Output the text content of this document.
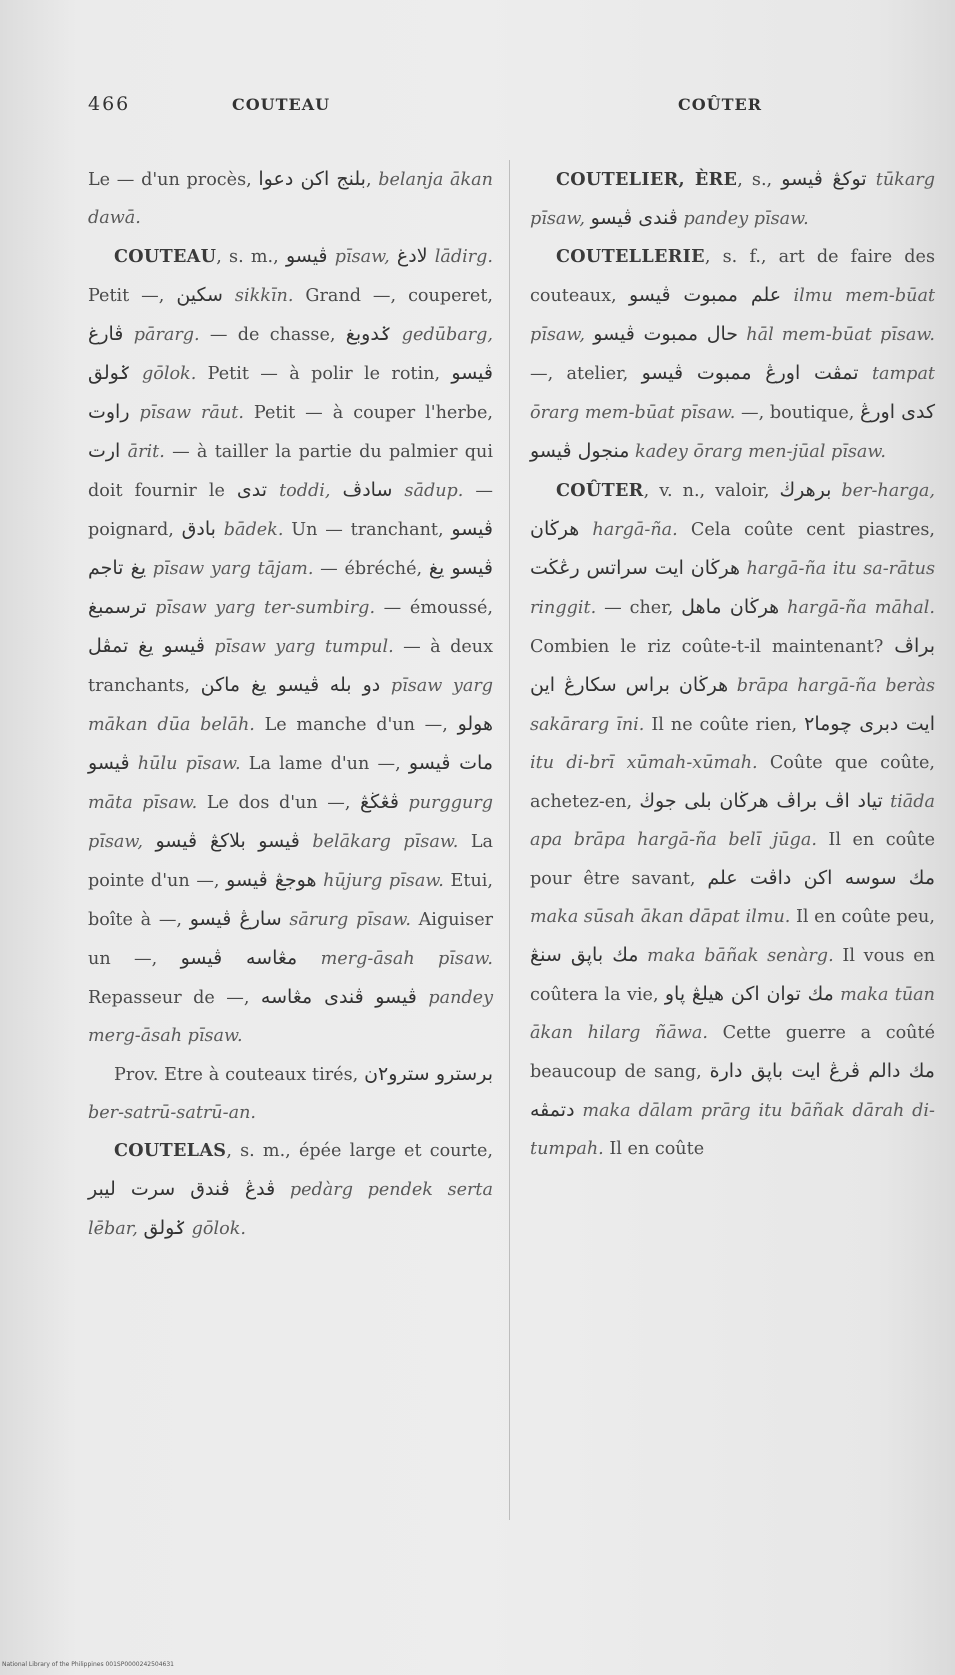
466	COUTEAU	COÛTER

Le — d'un procès, بلنج اكن دعوا, belanja ākan dawā.

COUTEAU, s. m., ڤيسو pīsaw, لادغ lādirg. Petit —, سكين sikkīn. Grand —, couperet, ڤارغ pārarg. — de chasse, ݢدوبغ gedūbarg, ݢولق gōlok. Petit — à polir le rotin, ڤيسو راوت pīsaw rāut. Petit — à couper l'herbe, ارت ārit. — à tailler la partie du palmier qui doit fournir le تدى toddi, سادڤ sādup. — poignard, بادق bādek. Un — tranchant, ڤيسو يغ تاجم pīsaw yarg tājam. — ébréché, ڤيسو يغ ترسمبغ pīsaw yarg ter-sumbirg. — émoussé, ڤيسو يغ تمڤل pīsaw yarg tumpul. — à deux tranchants, ڤيسو يغ ماكن دو بله pīsaw yarg mākan dūa belāh. Le manche d'un —, هولو ڤيسو hūlu pīsaw. La lame d'un —, مات ڤيسو māta pīsaw. Le dos d'un —, ڤڠڬڠ purggurg pīsaw, بلاكڠ ڤيسو ڤيسو belākarg pīsaw. La pointe d'un —, هوجڠ ڤيسو hūjurg pīsaw. Etui, boîte à —, سارڠ ڤيسو sārurg pīsaw. Aiguiser un —, مڠاسه ڤيسو merg-āsah pīsaw. Repasseur de —, ڤندى مڠاسه ڤيسو pandey merg-āsah pīsaw.

Prov. Etre à couteaux tirés, برسترو سترو٢ن ber-satrū-satrū-an.

COUTELAS, s. m., épée large et courte, ڤدڠ ڤندق سرت ليبر pedàrg pendek serta lēbar, ݢولق gōlok.

COUTELIER, ÈRE, s., توكڠ ڤيسو tūkarg pīsaw, ڤندى ڤيسو pandey pīsaw.

COUTELLERIE, s. f., art de faire des couteaux, علم ممبوت ڤيسو ilmu mem-būat pīsaw, حال ممبوت ڤيسو hāl mem-būat pīsaw. —, atelier, تمڤت اورڠ ممبوت ڤيسو tampat ōrarg mem-būat pīsaw. —, boutique, كدى اورڠ منجول ڤيسو kadey ōrarg men-jūal pīsaw.

COÛTER, v. n., valoir, برهرڬ ber-harga, هرڬان hargā-ña. Cela coûte cent piastres, هرڬان ايت سراتس رڠڬت hargā-ña itu sa-rātus ringgit. — cher, هرڬان ماهل hargā-ña māhal. Combien le riz coûte-t-il maintenant? براڤ هرڬان براس سكارڠ اين brāpa hargā-ña beràs sakārarg īni. Il ne coûte rien, ايت دبرى چوما٢ itu di-brī xūmah-xūmah. Coûte que coûte, achetez-en, تياد اڤ براڤ هرڬان بلى جوڬ tiāda apa brāpa hargā-ña belī jūga. Il en coûte pour être savant, مك سوسه اكن داڤت علم maka sūsah ākan dāpat ilmu. Il en coûte peu, مك باڽق سنڠ maka bāñak senàrg. Il vous en coûtera la vie, مك توان اكن هيلڠ ڽاو maka tūan ākan hilarg ñāwa. Cette guerre a coûté beaucoup de sang, مك دالم ڤرڠ ايت باڽق دارة دتمڤه maka dālam prārg itu bāñak dārah di-tumpah. Il en coûte

National Library of the Philippines 001SP0000242504631
